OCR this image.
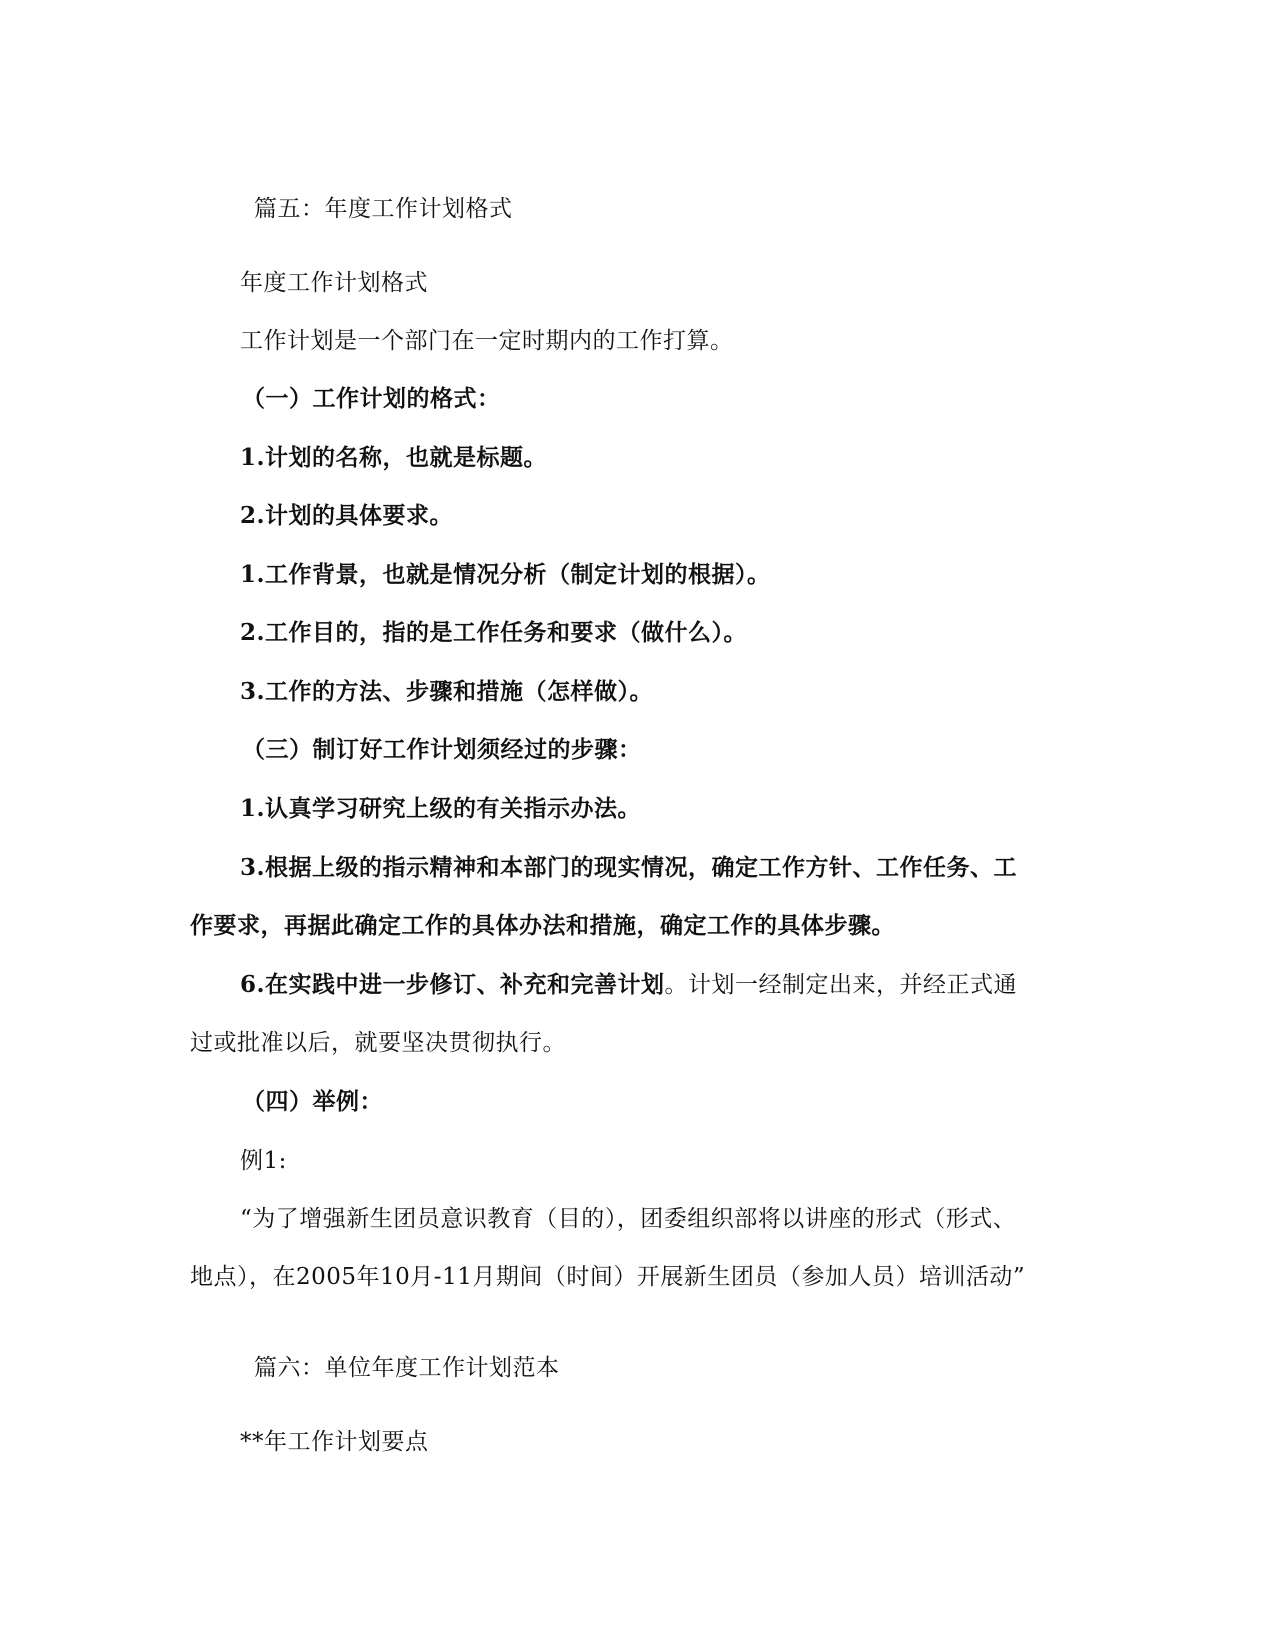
篇五：年度工作计划格式
年度工作计划格式
工作计划是一个部门在一定时期内的工作打算。
（一）工作计划的格式：
1.计划的名称，也就是标题。
2.计划的具体要求。
1.工作背景，也就是情况分析（制定计划的根据）。
2.工作目的，指的是工作任务和要求（做什么）。
3.工作的方法、步骤和措施（怎样做）。
（三）制订好工作计划须经过的步骤：
1.认真学习研究上级的有关指示办法。
3.根据上级的指示精神和本部门的现实情况，确定工作方针、工作任务、工
作要求，再据此确定工作的具体办法和措施，确定工作的具体步骤。
6.在实践中进一步修订、补充和完善计划。计划一经制定出来，并经正式通
过或批准以后，就要坚决贯彻执行。
（四）举例：
例1:
“为了增强新生团员意识教育（目的），团委组织部将以讲座的形式（形式、
地点），在2005年10月-11月期间（时间）开展新生团员（参加人员）培训活动”
篇六：单位年度工作计划范本
**年工作计划要点
